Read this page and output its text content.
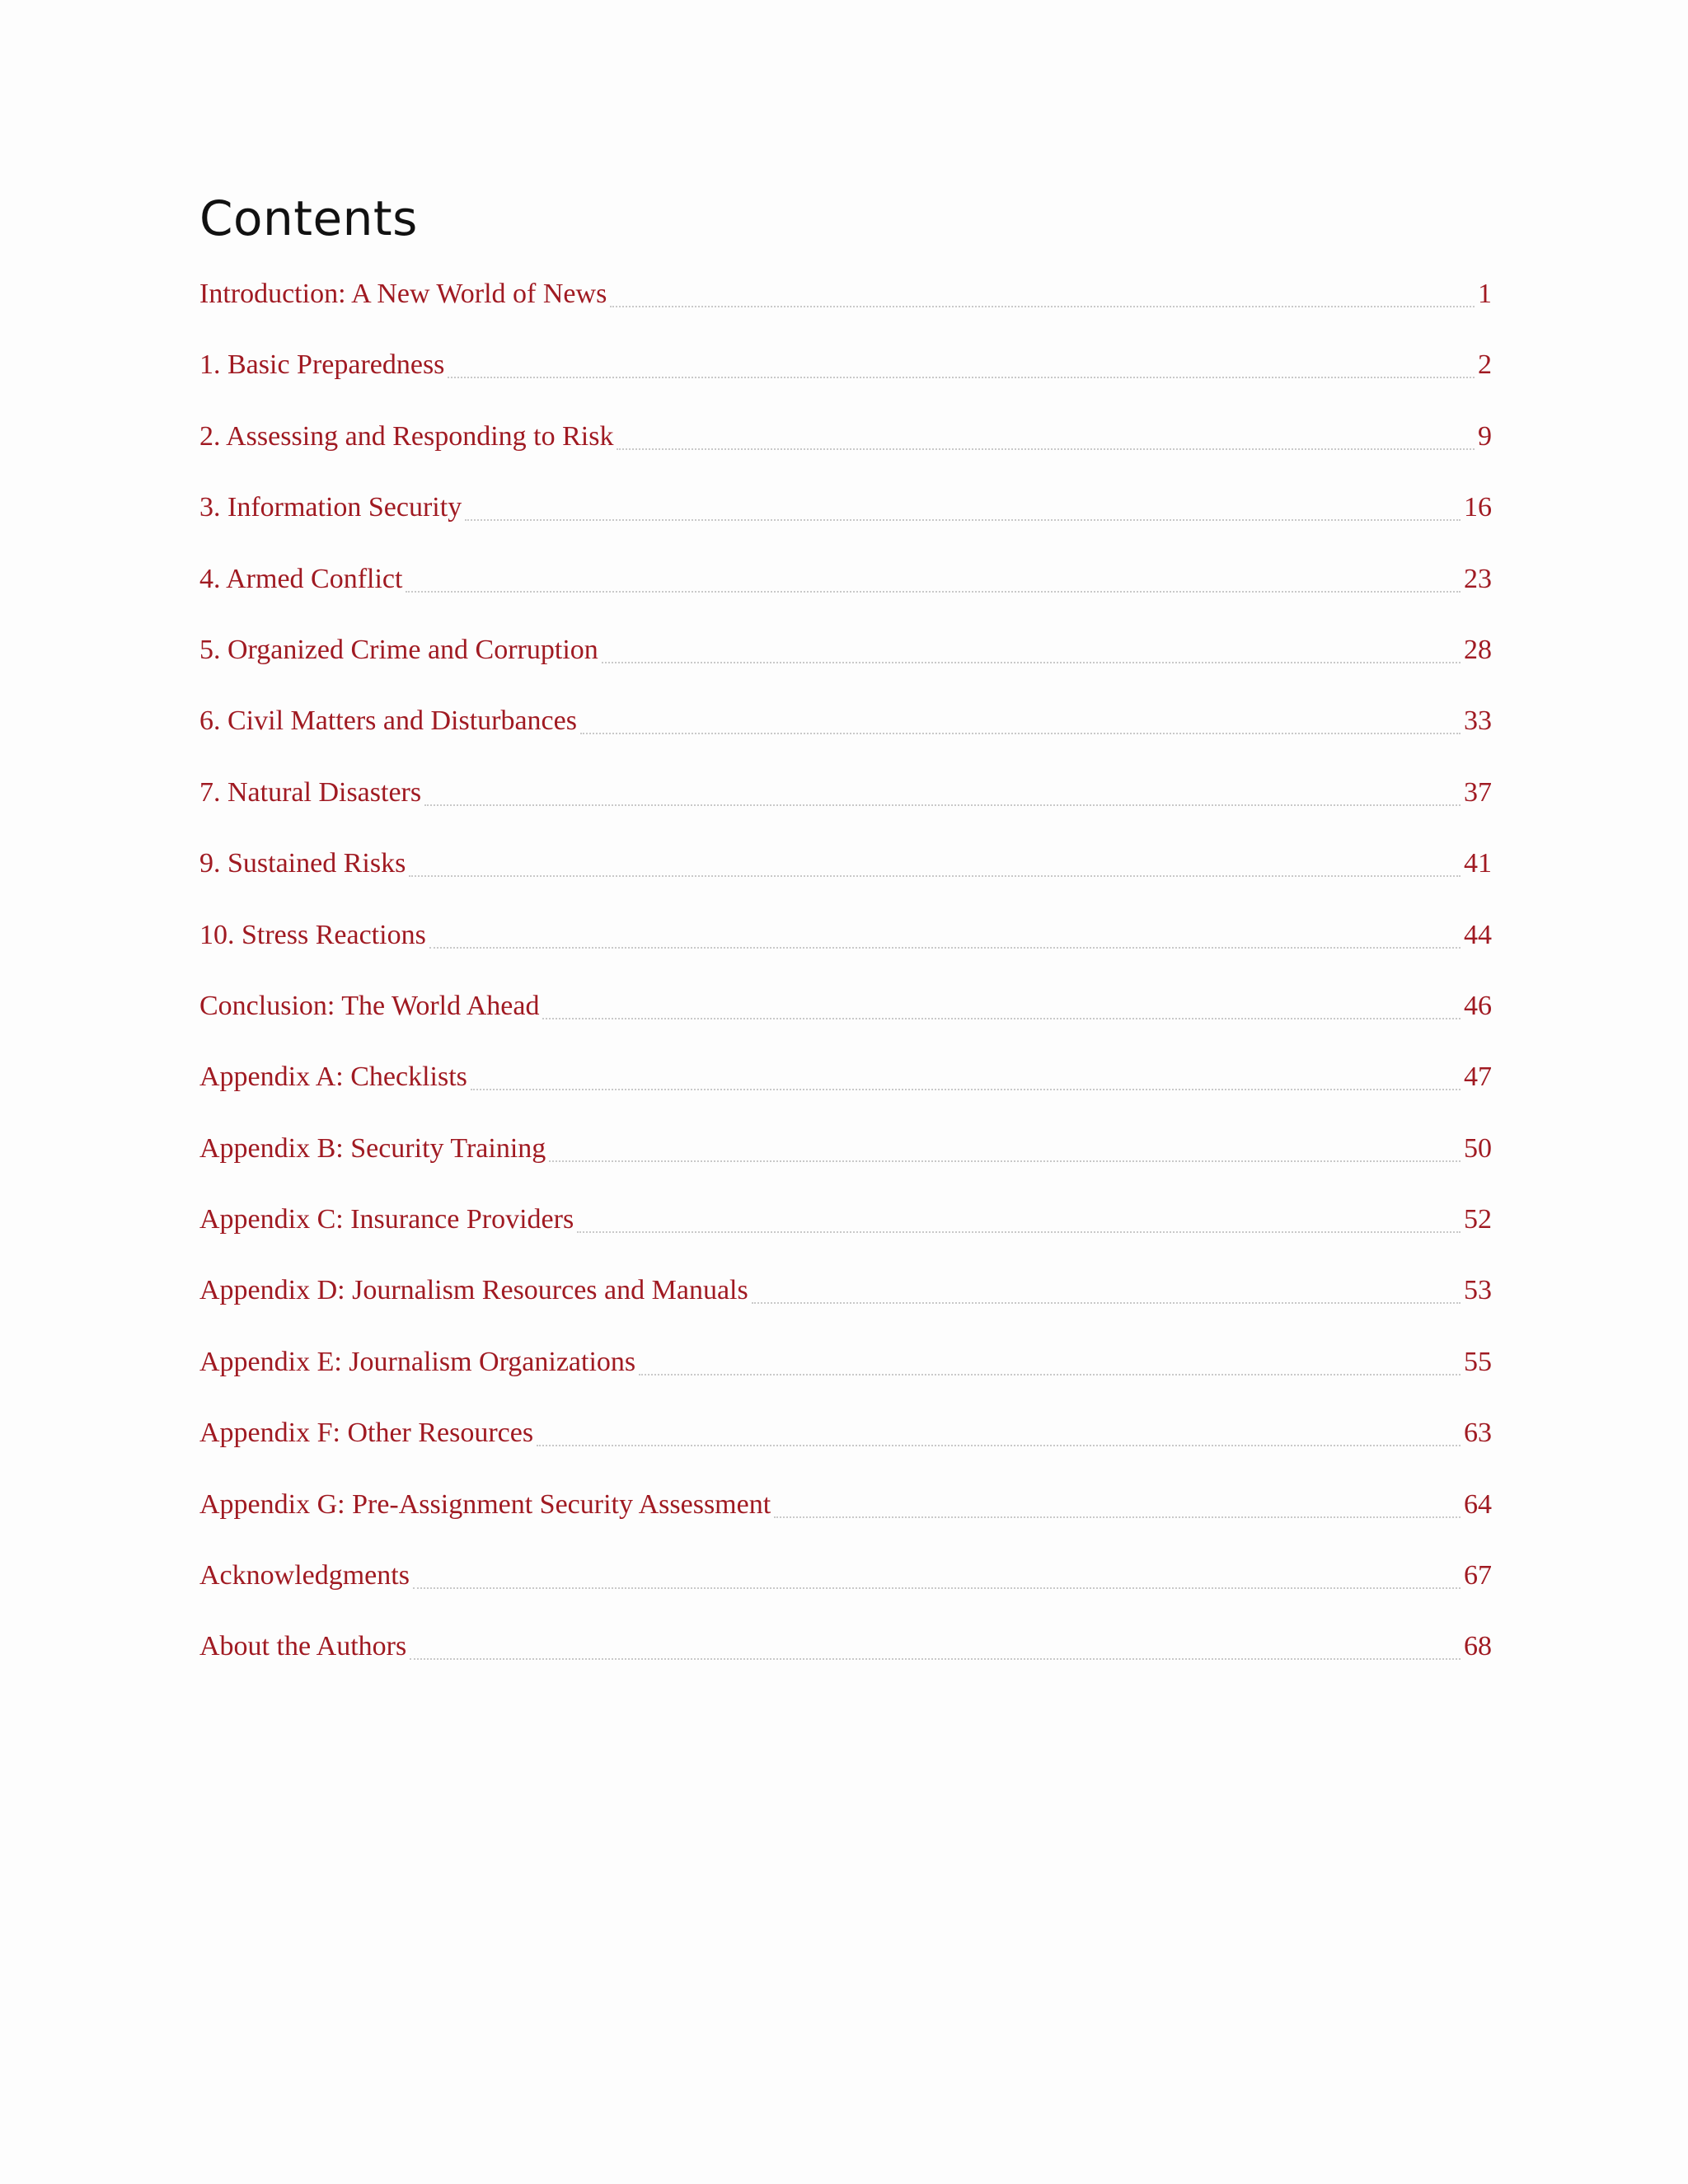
Contents
Introduction: A New World of News	1
1. Basic Preparedness	2
2. Assessing and Responding to Risk	9
3. Information Security	16
4. Armed Conflict	23
5. Organized Crime and Corruption	28
6. Civil Matters and Disturbances	33
7. Natural Disasters	37
9. Sustained Risks	41
10. Stress Reactions	44
Conclusion: The World Ahead	46
Appendix A: Checklists	47
Appendix B: Security Training	50
Appendix C: Insurance Providers	52
Appendix D: Journalism Resources and Manuals	53
Appendix E: Journalism Organizations	55
Appendix F: Other Resources	63
Appendix G: Pre-Assignment Security Assessment	64
Acknowledgments	67
About the Authors	68
